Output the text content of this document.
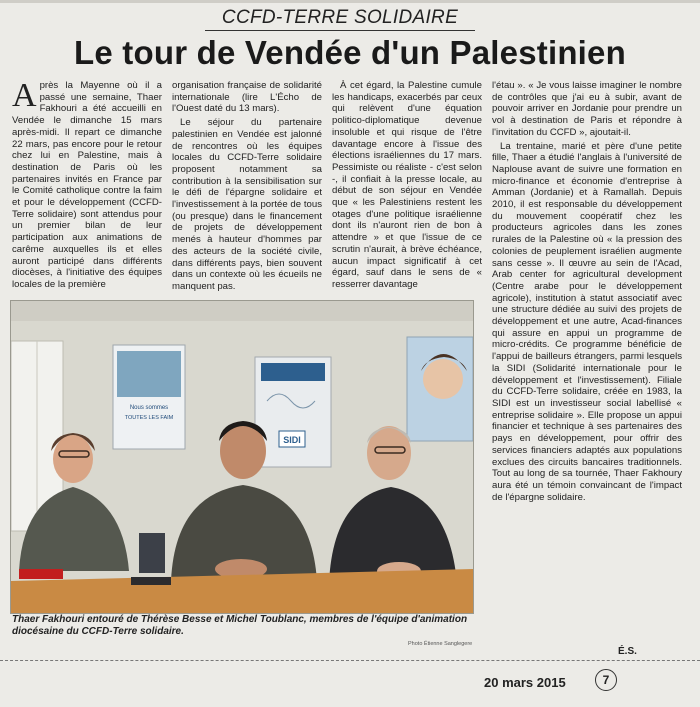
CCFD-TERRE SOLIDAIRE
Le tour de Vendée d'un Palestinien

Après la Mayenne où il a passé une semaine, Thaer Fakhouri a été accueilli en Vendée le dimanche 15 mars après-midi. Il repart ce dimanche 22 mars, pas encore pour le retour chez lui en Palestine, mais à destination de Paris où les partenaires invités en France par le Comité catholique contre la faim et pour le développement (CCFD-Terre solidaire) sont attendus pour un premier bilan de leur participation aux animations de carême auxquelles ils et elles auront participé dans différents diocèses, à l'initiative des équipes locales de la première

organisation française de solidarité internationale (lire L'Écho de l'Ouest daté du 13 mars).

Le séjour du partenaire palestinien en Vendée est jalonné de rencontres où les équipes locales du CCFD-Terre solidaire proposent notamment sa contribution à la sensibilisation sur le défi de l'épargne solidaire et l'investissement à la portée de tous (ou presque) dans le financement de projets de développement menés à hauteur d'hommes par des acteurs de la société civile, dans différents pays, bien souvent dans un contexte où les écueils ne manquent pas.

À cet égard, la Palestine cumule les handicaps, exacerbés par ceux qui relèvent d'une équation politico-diplomatique devenue insoluble et qui risque de l'être davantage encore à l'issue des élections israéliennes du 17 mars. Pessimiste ou réaliste - c'est selon -, il confiait à la presse locale, au début de son séjour en Vendée que « les Palestiniens restent les otages d'une politique israélienne dont ils n'auront rien de bon à attendre » et que l'issue de ce scrutin n'aurait, à brève échéance, aucun impact significatif à cet égard, sauf dans le sens de « resserrer davantage

l'étau ». « Je vous laisse imaginer le nombre de contrôles que j'ai eu à subir, avant de pouvoir arriver en Jordanie pour prendre un vol à destination de Paris et répondre à l'invitation du CCFD », ajoutait-il.

La trentaine, marié et père d'une petite fille, Thaer a étudié l'anglais à l'université de Naplouse avant de suivre une formation en micro-finance et économie d'entreprise à Amman (Jordanie) et à Ramallah. Depuis 2010, il est responsable du développement du mouvement coopératif chez les producteurs agricoles dans les zones rurales de la Palestine où « la pression des colonies de peuplement israélien augmente sans cesse ». Il œuvre au sein de l'Acad, Arab center for agricultural development (Centre arabe pour le développement agricole), institution à statut associatif avec une structure dédiée au suivi des projets de développement et une autre, Acad-finances qui assure en appui un programme de micro-crédits. Ce programme bénéficie de l'appui de bailleurs étrangers, parmi lesquels la SIDI (Solidarité internationale pour le développement et l'investissement). Filiale du CCFD-Terre solidaire, créée en 1983, la SIDI est un investisseur social labellisé « entreprise solidaire ». Elle propose un appui financier et technique à ses partenaires des pays en développement, pour offrir des services financiers adaptés aux populations exclues des circuits bancaires traditionnels. Tout au long de sa tournée, Thaer Fakhoury aura été un témoin convaincant de l'impact de l'épargne solidaire.

Nous sommes
TOUTES LES FAIM
SIDI
Thaer Fakhouri entouré de Thérèse Besse et Michel Toublanc, membres de l'équipe d'animation diocésaine du CCFD-Terre solidaire.
Photo Étienne Sanglegere
É.S.
20 mars 2015	7
